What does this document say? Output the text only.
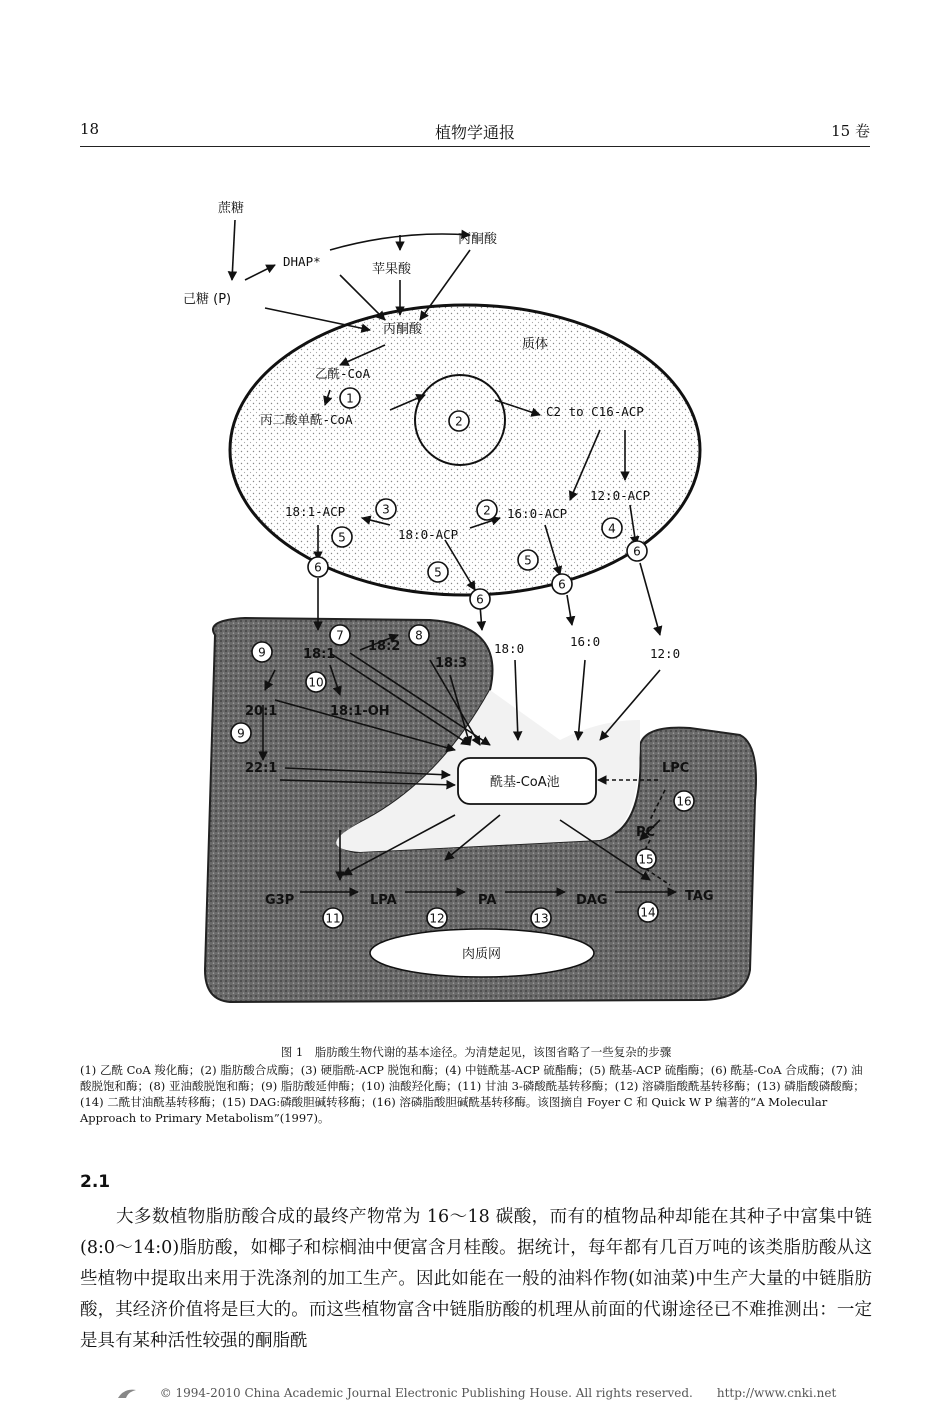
18	植物学通报	15 卷
蔗糖
己糖 (P)
DHAP*
丙酮酸
苹果酸
丙酮酸
质体
乙酰-CoA
丙二酸单酰-CoA
C2 to C16-ACP
12:0-ACP
18:1-ACP
18:0-ACP
16:0-ACP
18:0	16:0
12:0
18:1
18:2
18:3
18:1-OH
20:1
22:1
酰基-CoA池
LPC
PC
G3P	LPA	PA	DAG	TAG
肉质网
1
2
2
3
4
5
5
5
6
6
6
6
7	8
9
9
10
11	12	13	14
15
16
图 1　脂肪酸生物代谢的基本途径。为清楚起见，该图省略了一些复杂的步骤
(1) 乙酰 CoA 羧化酶；(2) 脂肪酸合成酶；(3) 硬脂酰-ACP 脱饱和酶；(4) 中链酰基-ACP 硫酯酶；(5) 酰基-ACP 硫酯酶；(6) 酰基-CoA 合成酶；(7) 油酸脱饱和酶；(8) 亚油酸脱饱和酶；(9) 脂肪酸延伸酶；(10) 油酸羟化酶；(11) 甘油 3-磷酸酰基转移酶；(12) 溶磷脂酸酰基转移酶；(13) 磷脂酸磷酸酶；(14) 二酰甘油酰基转移酶；(15) DAG:磷酸胆碱转移酶；(16) 溶磷脂酸胆碱酰基转移酶。该图摘自 Foyer C 和 Quick W P 编著的“A Molecular Approach to Primary Metabolism”(1997)。
2.1
大多数植物脂肪酸合成的最终产物常为 16～18 碳酸，而有的植物品种却能在其种子中富集中链(8:0～14:0)脂肪酸，如椰子和棕榈油中便富含月桂酸。据统计，每年都有几百万吨的该类脂肪酸从这些植物中提取出来用于洗涤剂的加工生产。因此如能在一般的油料作物(如油菜)中生产大量的中链脂肪酸，其经济价值将是巨大的。而这些植物富含中链脂肪酸的机理从前面的代谢途径已不难推测出：一定是具有某种活性较强的酮脂酰
© 1994-2010 China Academic Journal Electronic Publishing House. All rights reserved.　　http://www.cnki.net
